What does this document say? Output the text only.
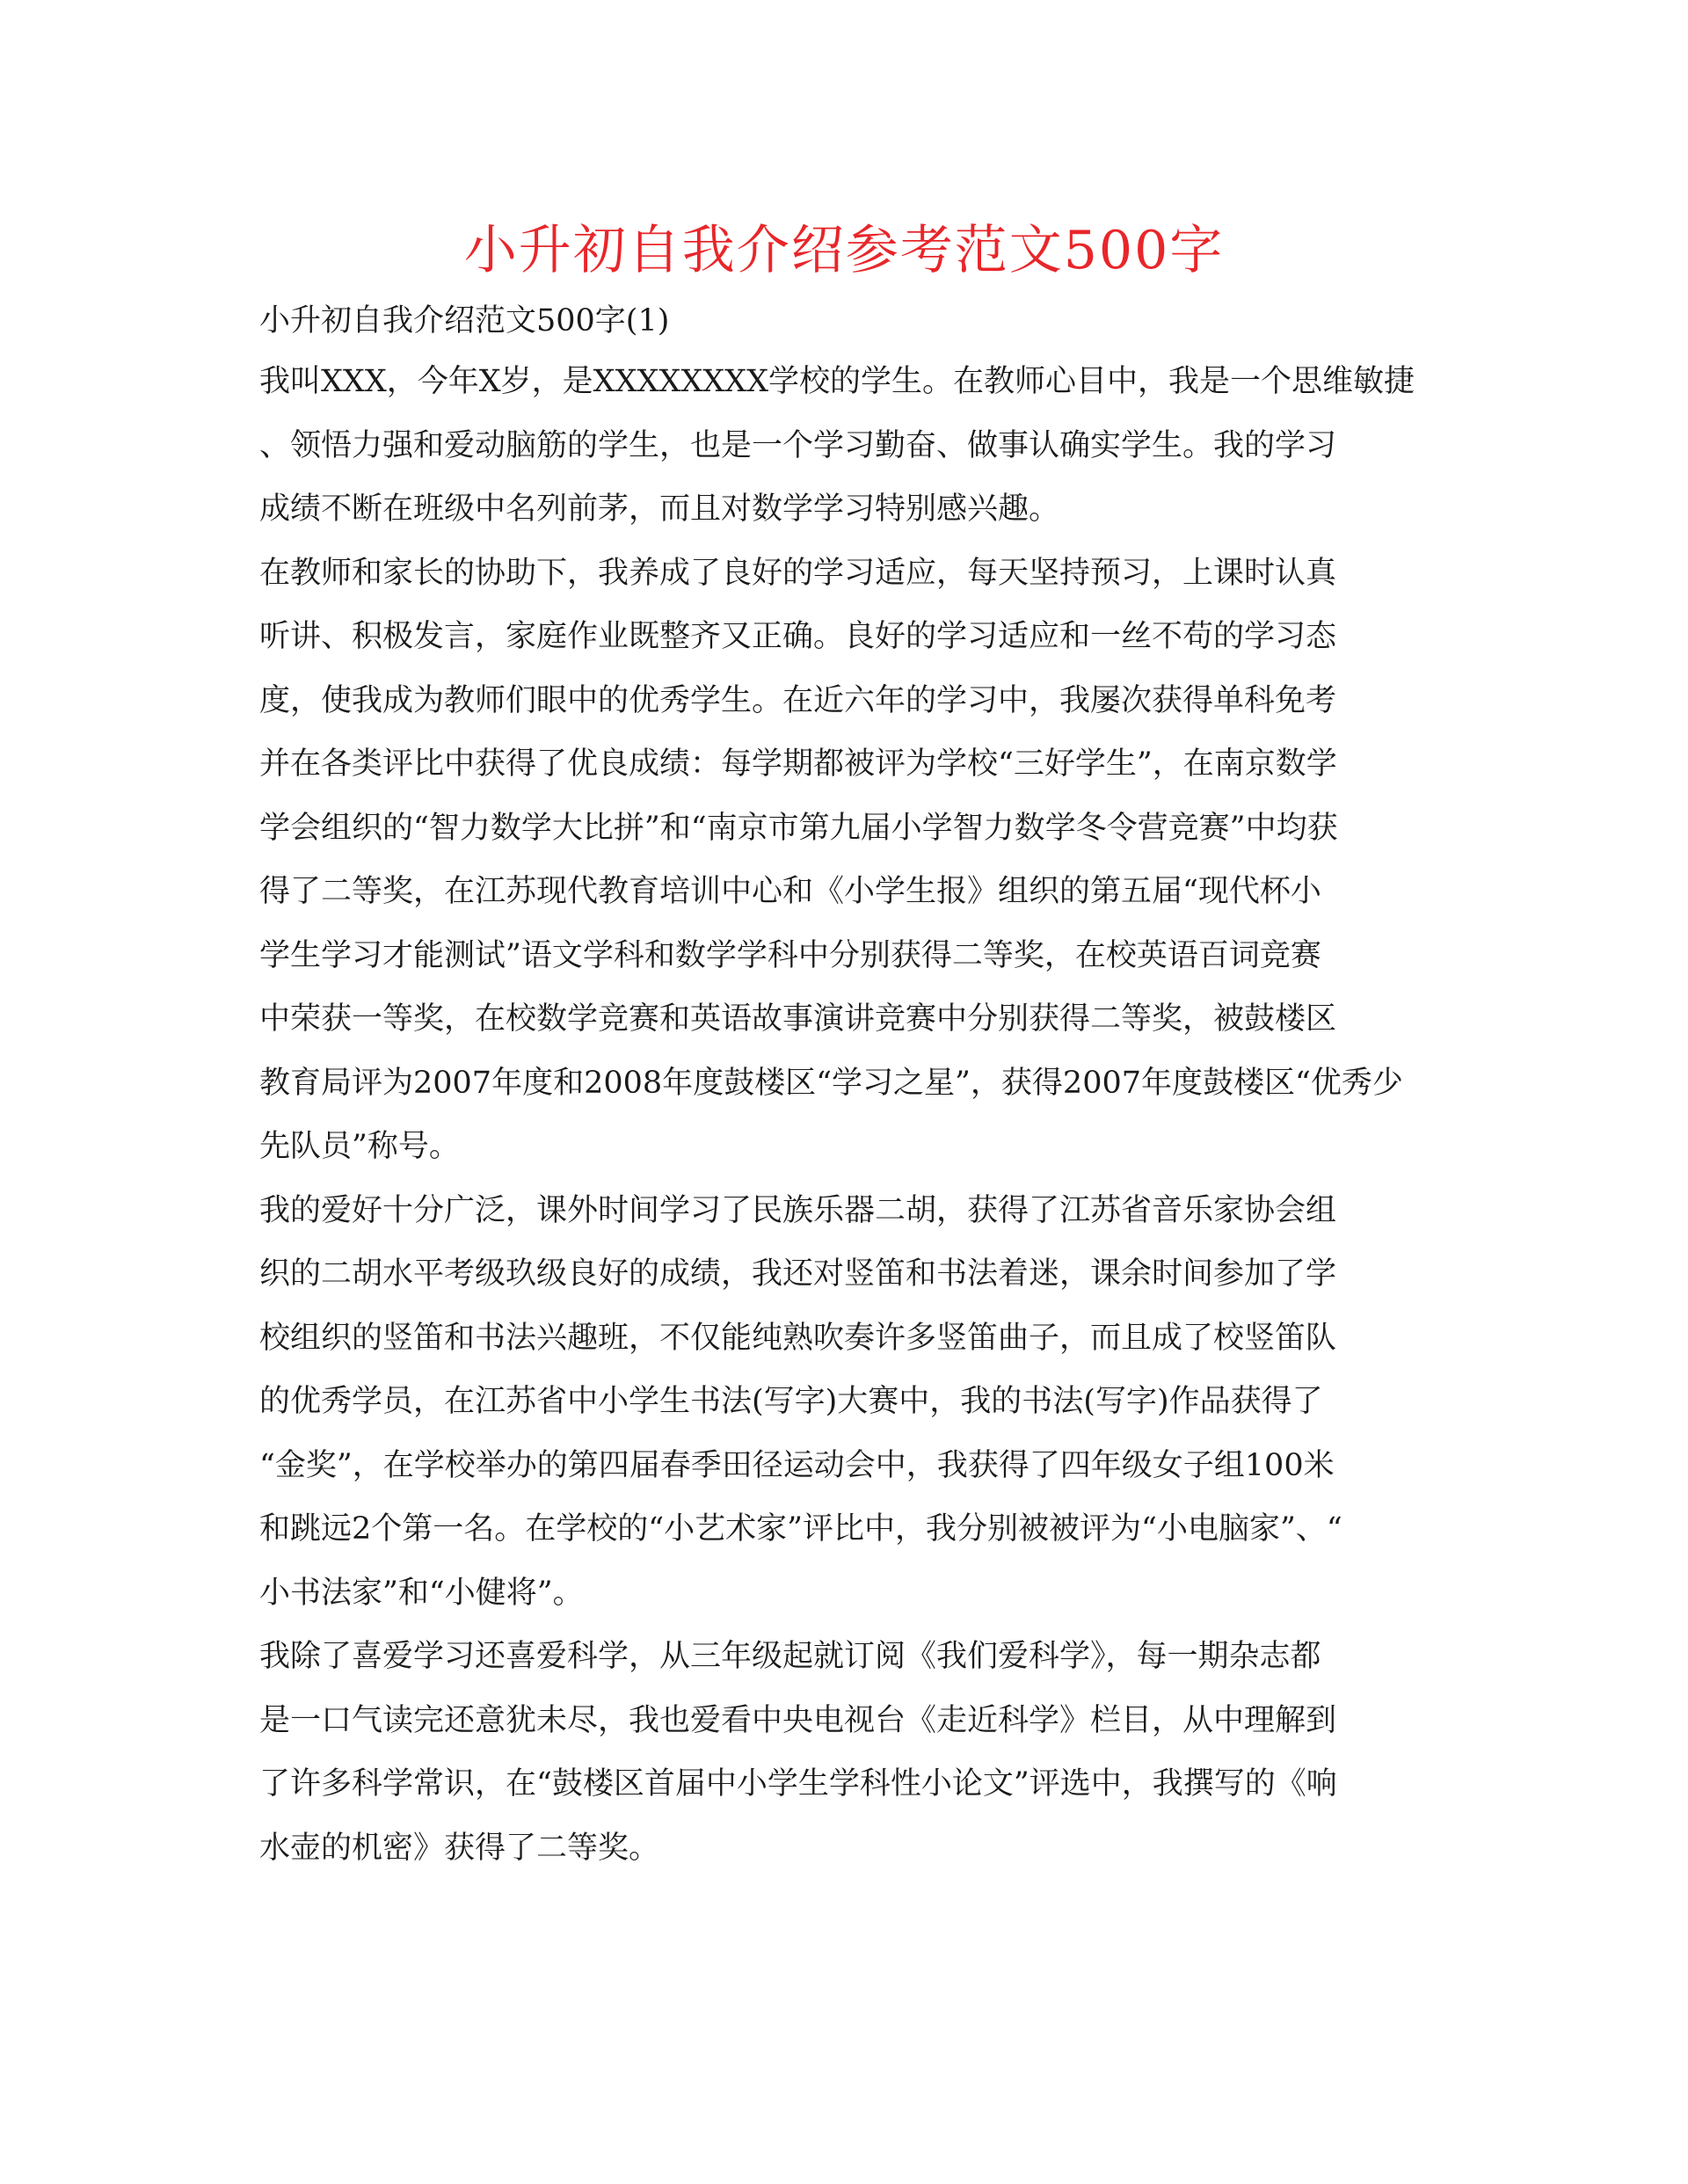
小升初自我介绍参考范文500字
小升初自我介绍范文500字(1)

我叫XXX，今年X岁，是XXXXXXXX学校的学生。在教师心目中，我是一个思维敏捷
、领悟力强和爱动脑筋的学生，也是一个学习勤奋、做事认确实学生。我的学习
成绩不断在班级中名列前茅，而且对数学学习特别感兴趣。

在教师和家长的协助下，我养成了良好的学习适应，每天坚持预习，上课时认真
听讲、积极发言，家庭作业既整齐又正确。良好的学习适应和一丝不苟的学习态
度，使我成为教师们眼中的优秀学生。在近六年的学习中，我屡次获得单科免考
并在各类评比中获得了优良成绩：每学期都被评为学校“三好学生”，在南京数学
学会组织的“智力数学大比拼”和“南京市第九届小学智力数学冬令营竞赛”中均获
得了二等奖，在江苏现代教育培训中心和《小学生报》组织的第五届“现代杯小
学生学习才能测试”语文学科和数学学科中分别获得二等奖，在校英语百词竞赛
中荣获一等奖，在校数学竞赛和英语故事演讲竞赛中分别获得二等奖，被鼓楼区
教育局评为2007年度和2008年度鼓楼区“学习之星”，获得2007年度鼓楼区“优秀少
先队员”称号。

我的爱好十分广泛，课外时间学习了民族乐器二胡，获得了江苏省音乐家协会组
织的二胡水平考级玖级良好的成绩，我还对竖笛和书法着迷，课余时间参加了学
校组织的竖笛和书法兴趣班，不仅能纯熟吹奏许多竖笛曲子，而且成了校竖笛队
的优秀学员，在江苏省中小学生书法(写字)大赛中，我的书法(写字)作品获得了
“金奖”，在学校举办的第四届春季田径运动会中，我获得了四年级女子组100米
和跳远2个第一名。在学校的“小艺术家”评比中，我分别被被评为“小电脑家”、“
小书法家”和“小健将”。

我除了喜爱学习还喜爱科学，从三年级起就订阅《我们爱科学》，每一期杂志都
是一口气读完还意犹未尽，我也爱看中央电视台《走近科学》栏目，从中理解到
了许多科学常识，在“鼓楼区首届中小学生学科性小论文”评选中，我撰写的《响
水壶的机密》获得了二等奖。
